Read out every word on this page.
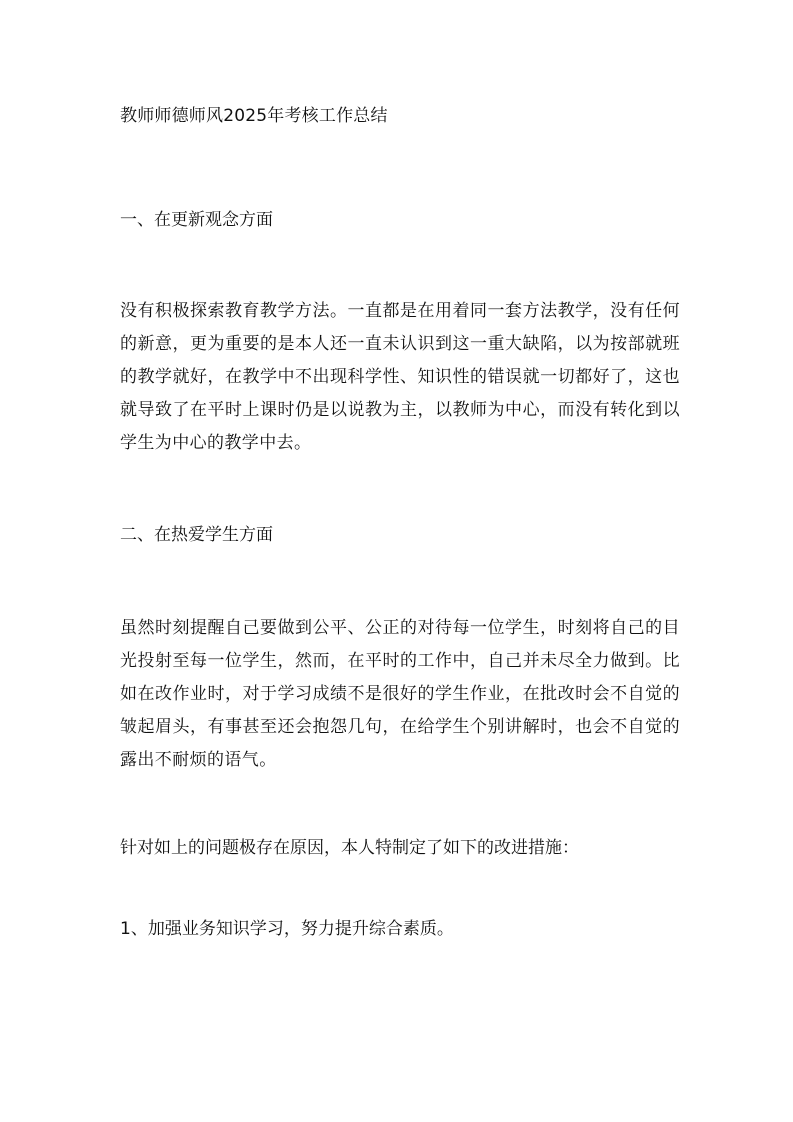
教师师德师风2025年考核工作总结

一、在更新观念方面

没有积极探索教育教学方法。一直都是在用着同一套方法教学，没有任何的新意，更为重要的是本人还一直未认识到这一重大缺陷，以为按部就班的教学就好，在教学中不出现科学性、知识性的错误就一切都好了，这也就导致了在平时上课时仍是以说教为主，以教师为中心，而没有转化到以学生为中心的教学中去。

二、在热爱学生方面

虽然时刻提醒自己要做到公平、公正的对待每一位学生，时刻将自己的目光投射至每一位学生，然而，在平时的工作中，自己并未尽全力做到。比如在改作业时，对于学习成绩不是很好的学生作业，在批改时会不自觉的皱起眉头，有事甚至还会抱怨几句，在给学生个别讲解时，也会不自觉的露出不耐烦的语气。

针对如上的问题极存在原因，本人特制定了如下的改进措施：

1、加强业务知识学习，努力提升综合素质。
